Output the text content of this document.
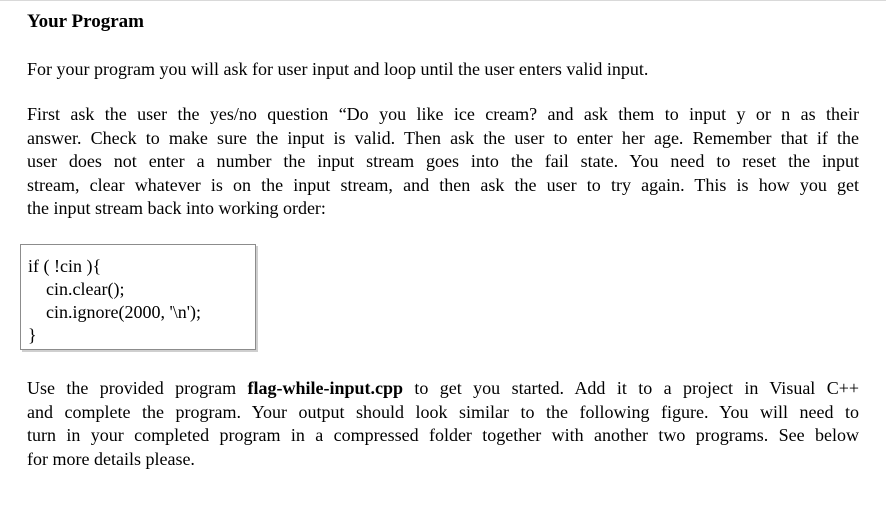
Your Program
For your program you will ask for user input and loop until the user enters valid input.
First ask the user the yes/no question “Do you like ice cream? and ask them to input y or n as their
answer. Check to make sure the input is valid. Then ask the user to enter her age. Remember that if the
user does not enter a number the input stream goes into the fail state. You need to reset the input
stream, clear whatever is on the input stream, and then ask the user to try again. This is how you get
the input stream back into working order:
if ( !cin ){
cin.clear();
cin.ignore(2000, '\n');
}
Use the provided program flag-while-input.cpp to get you started. Add it to a project in Visual C++
and complete the program. Your output should look similar to the following figure. You will need to
turn in your completed program in a compressed folder together with another two programs. See below
for more details please.
